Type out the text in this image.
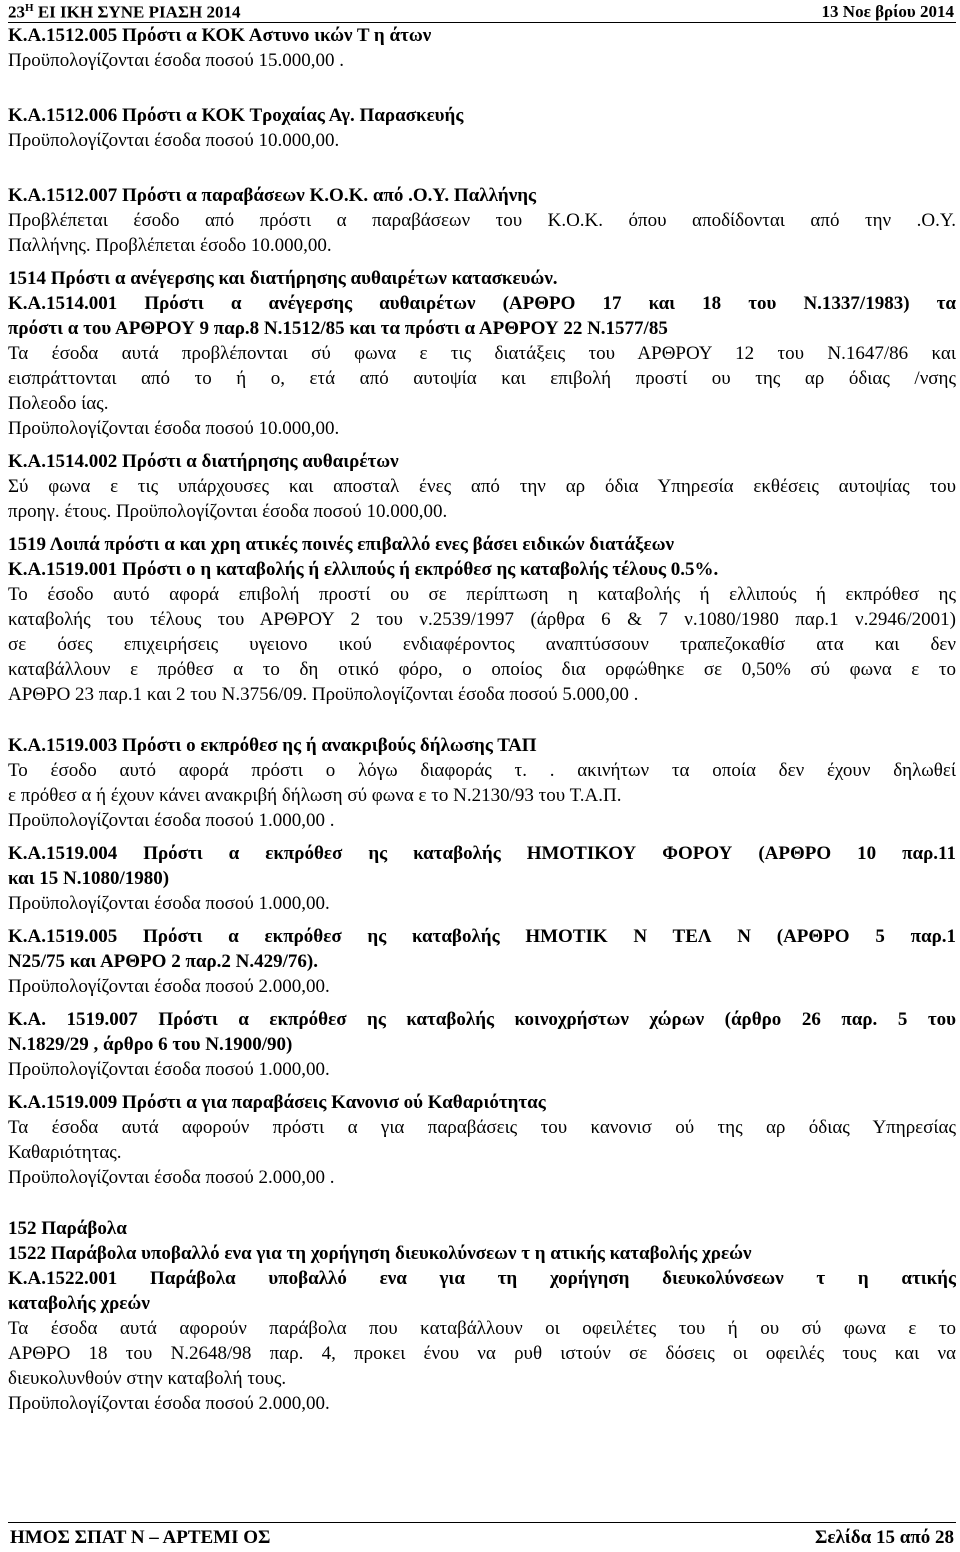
$23^H$ ΕΙ ΙΚΗ ΣΥΝΕ ΡΙΑΣΗ 2014	13 Νοε βρίου 2014
Κ.Α.1512.005 Πρόστι α ΚΟΚ Αστυνο ικών Τ η άτων
Προϋπολογίζονται έσοδα ποσού 15.000,00 .
Κ.Α.1512.006 Πρόστι α ΚΟΚ Τροχαίας Αγ. Παρασκευής
Προϋπολογίζονται έσοδα ποσού 10.000,00.
Κ.Α.1512.007 Πρόστι α παραβάσεων Κ.Ο.Κ. από .Ο.Υ. Παλλήνης
Προβλέπεται έσοδο από πρόστι α παραβάσεων του Κ.Ο.Κ. όπου αποδίδονται από την .Ο.Υ.
Παλλήνης. Προβλέπεται έσοδο 10.000,00.
1514 Πρόστι α ανέγερσης και διατήρησης αυθαιρέτων κατασκευών.
Κ.Α.1514.001 Πρόστι α ανέγερσης αυθαιρέτων (ΑΡΘΡΟ 17 και 18 του Ν.1337/1983) τα
πρόστι α του ΑΡΘΡΟΥ 9 παρ.8 Ν.1512/85 και τα πρόστι α ΑΡΘΡΟΥ 22 Ν.1577/85
Τα έσοδα αυτά προβλέπονται σύ φωνα ε τις διατάξεις του ΑΡΘΡΟΥ 12 του Ν.1647/86 και
εισπράττονται από το ή ο, ετά από αυτοψία και επιβολή προστί ου της αρ όδιας /νσης
Πολεοδο ίας.
Προϋπολογίζονται έσοδα ποσού 10.000,00.
Κ.Α.1514.002 Πρόστι α διατήρησης αυθαιρέτων
Σύ φωνα ε τις υπάρχουσες και αποσταλ ένες από την αρ όδια Υπηρεσία εκθέσεις αυτοψίας του
προηγ. έτους. Προϋπολογίζονται έσοδα ποσού 10.000,00.
1519 Λοιπά πρόστι α και χρη ατικές ποινές επιβαλλό ενες βάσει ειδικών διατάξεων
Κ.Α.1519.001 Πρόστι ο η καταβολής ή ελλιπούς ή εκπρόθεσ ης καταβολής τέλους 0.5%.
Το έσοδο αυτό αφορά επιβολή προστί ου σε περίπτωση η καταβολής ή ελλιπούς ή εκπρόθεσ ης
καταβολής του τέλους του ΑΡΘΡΟΥ 2 του ν.2539/1997 (άρθρα 6 & 7 ν.1080/1980 παρ.1 ν.2946/2001)
σε όσες επιχειρήσεις υγειονο ικού ενδιαφέροντος αναπτύσσουν τραπεζοκαθίσ ατα και δεν
καταβάλλουν ε πρόθεσ α το δη οτικό φόρο, ο οποίος δια ορφώθηκε σε 0,50% σύ φωνα ε το
ΑΡΘΡΟ 23 παρ.1 και 2 του Ν.3756/09. Προϋπολογίζονται έσοδα ποσού 5.000,00 .
Κ.Α.1519.003 Πρόστι ο εκπρόθεσ ης ή ανακριβούς δήλωσης ΤΑΠ
Το έσοδο αυτό αφορά πρόστι ο λόγω διαφοράς τ. . ακινήτων τα οποία δεν έχουν δηλωθεί
ε πρόθεσ α ή έχουν κάνει ανακριβή δήλωση σύ φωνα ε το Ν.2130/93 του Τ.Α.Π.
Προϋπολογίζονται έσοδα ποσού 1.000,00 .
Κ.Α.1519.004 Πρόστι α εκπρόθεσ ης καταβολής ΗΜΟΤΙΚΟΥ ΦΟΡΟΥ (ΑΡΘΡΟ 10 παρ.11
και 15 Ν.1080/1980)
Προϋπολογίζονται έσοδα ποσού 1.000,00.
Κ.Α.1519.005 Πρόστι α εκπρόθεσ ης καταβολής ΗΜΟΤΙΚ Ν ΤΕΛ Ν (ΑΡΘΡΟ 5 παρ.1
Ν25/75 και ΑΡΘΡΟ 2 παρ.2 Ν.429/76).
Προϋπολογίζονται έσοδα ποσού 2.000,00.
Κ.Α. 1519.007 Πρόστι α εκπρόθεσ ης καταβολής κοινοχρήστων χώρων (άρθρο 26 παρ. 5 του
Ν.1829/29 , άρθρο 6 του Ν.1900/90)
Προϋπολογίζονται έσοδα ποσού 1.000,00.
Κ.Α.1519.009 Πρόστι α για παραβάσεις Κανονισ ού Καθαριότητας
Τα έσοδα αυτά αφορούν πρόστι α για παραβάσεις του κανονισ ού της αρ όδιας Υπηρεσίας
Καθαριότητας.
Προϋπολογίζονται έσοδα ποσού 2.000,00 .
152 Παράβολα
1522 Παράβολα υποβαλλό ενα για τη χορήγηση διευκολύνσεων τ η ατικής καταβολής χρεών
Κ.Α.1522.001 Παράβολα υποβαλλό ενα για τη χορήγηση διευκολύνσεων τ η ατικής
καταβολής χρεών
Τα έσοδα αυτά αφορούν παράβολα που καταβάλλουν οι οφειλέτες του ή ου σύ φωνα ε το
ΑΡΘΡΟ 18 του Ν.2648/98 παρ. 4, προκει ένου να ρυθ ιστούν σε δόσεις οι οφειλές τους και να
διευκολυνθούν στην καταβολή τους.
Προϋπολογίζονται έσοδα ποσού 2.000,00.
ΗΜΟΣ ΣΠΑΤ Ν – ΑΡΤΕΜΙ ΟΣ	Σελίδα 15 από 28
